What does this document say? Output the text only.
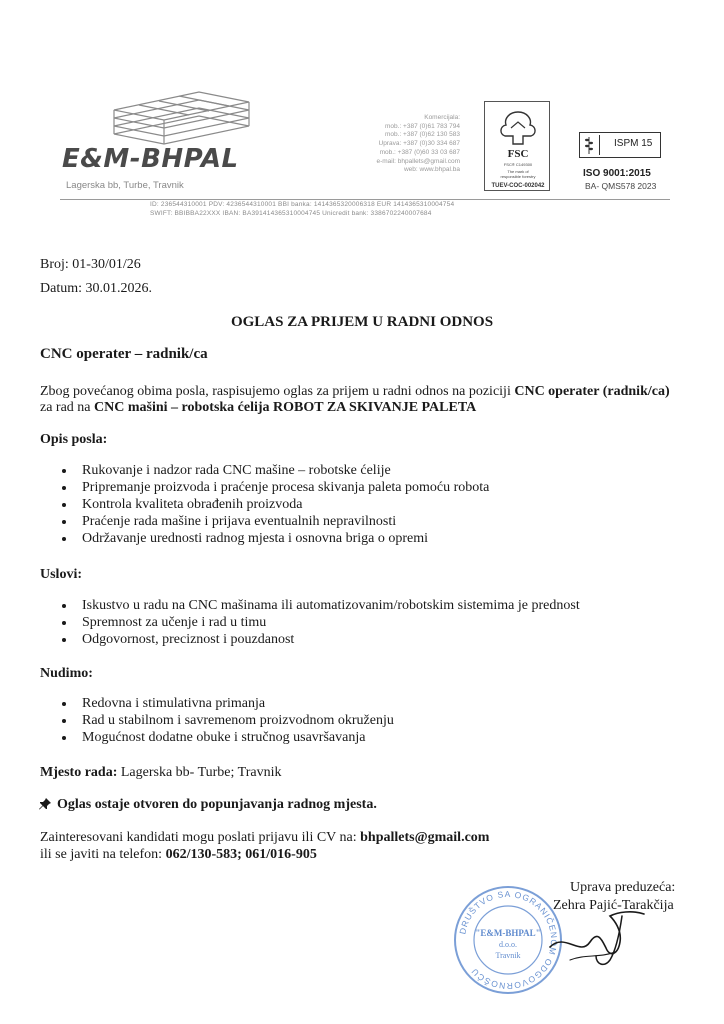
E&M-BHPAL
Lagerska bb, Turbe, Travnik
Komercijala:
mob.: +387 (0)61 783 794
mob.: +387 (0)62 130 583
Uprava: +387 (0)30 334 687
mob.: +387 (0)60 33 03 687
e-mail: bhpallets@gmail.com
web: www.bhpal.ba
FSC
FSC® C149300
The mark of
responsible forestry
TUEV-COC-002042
ISPM 15
ISO 9001:2015
BA- QMS578 2023
ID: 236544310001 PDV: 4236544310001 BBI banka: 1414365320006318 EUR 1414365310004754
SWIFT: BBIBBA22XXX IBAN: BA391414365310004745 Unicredit bank: 3386702240007684
Broj: 01-30/01/26
Datum: 30.01.2026.
OGLAS ZA PRIJEM U RADNI ODNOS
CNC operater – radnik/ca
Zbog povećanog obima posla, raspisujemo oglas za prijem u radni odnos na poziciji CNC operater (radnik/ca)
za rad na CNC mašini – robotska ćelija ROBOT ZA SKIVANJE PALETA
Opis posla:
Rukovanje i nadzor rada CNC mašine – robotske ćelije
Pripremanje proizvoda i praćenje procesa skivanja paleta pomoću robota
Kontrola kvaliteta obrađenih proizvoda
Praćenje rada mašine i prijava eventualnih nepravilnosti
Održavanje urednosti radnog mjesta i osnovna briga o opremi
Uslovi:
Iskustvo u radu na CNC mašinama ili automatizovanim/robotskim sistemima je prednost
Spremnost za učenje i rad u timu
Odgovornost, preciznost i pouzdanost
Nudimo:
Redovna i stimulativna primanja
Rad u stabilnom i savremenom proizvodnom okruženju
Mogućnost dodatne obuke i stručnog usavršavanja
Mjesto rada: Lagerska bb- Turbe; Travnik
Oglas ostaje otvoren do popunjavanja radnog mjesta.
Zainteresovani kandidati mogu poslati prijavu ili CV na: bhpallets@gmail.com
ili se javiti na telefon: 062/130-583; 061/016-905
Uprava preduzeća:
Zehra Pajić-Tarakčija
DRUŠTVO SA OGRANIČENOM ODGOVORNOŠĆU
"E&M-BHPAL"
d.o.o.
Travnik
